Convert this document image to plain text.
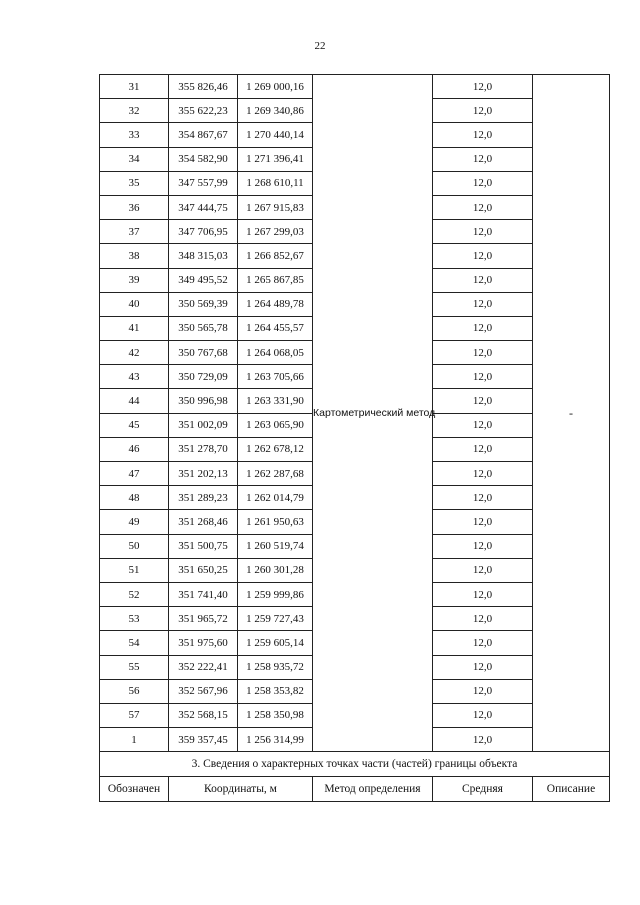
22
31	355 826,46	1 269 000,16	Картометрический метод	12,0	-
32	355 622,23	1 269 340,86		12,0	
33	354 867,67	1 270 440,14		12,0	
34	354 582,90	1 271 396,41		12,0	
35	347 557,99	1 268 610,11		12,0	
36	347 444,75	1 267 915,83		12,0	
37	347 706,95	1 267 299,03		12,0	
38	348 315,03	1 266 852,67		12,0	
39	349 495,52	1 265 867,85		12,0	
40	350 569,39	1 264 489,78		12,0	
41	350 565,78	1 264 455,57		12,0	
42	350 767,68	1 264 068,05		12,0	
43	350 729,09	1 263 705,66		12,0	
44	350 996,98	1 263 331,90		12,0	
45	351 002,09	1 263 065,90		12,0	
46	351 278,70	1 262 678,12		12,0	
47	351 202,13	1 262 287,68		12,0	
48	351 289,23	1 262 014,79		12,0	
49	351 268,46	1 261 950,63		12,0	
50	351 500,75	1 260 519,74		12,0	
51	351 650,25	1 260 301,28		12,0	
52	351 741,40	1 259 999,86		12,0	
53	351 965,72	1 259 727,43		12,0	
54	351 975,60	1 259 605,14		12,0	
55	352 222,41	1 258 935,72		12,0	
56	352 567,96	1 258 353,82		12,0	
57	352 568,15	1 258 350,98		12,0	
1	359 357,45	1 256 314,99		12,0	
3. Сведения о характерных точках части (частей) границы объекта					
Обозначен	Координаты, м		Метод определения	Средняя	Описание
